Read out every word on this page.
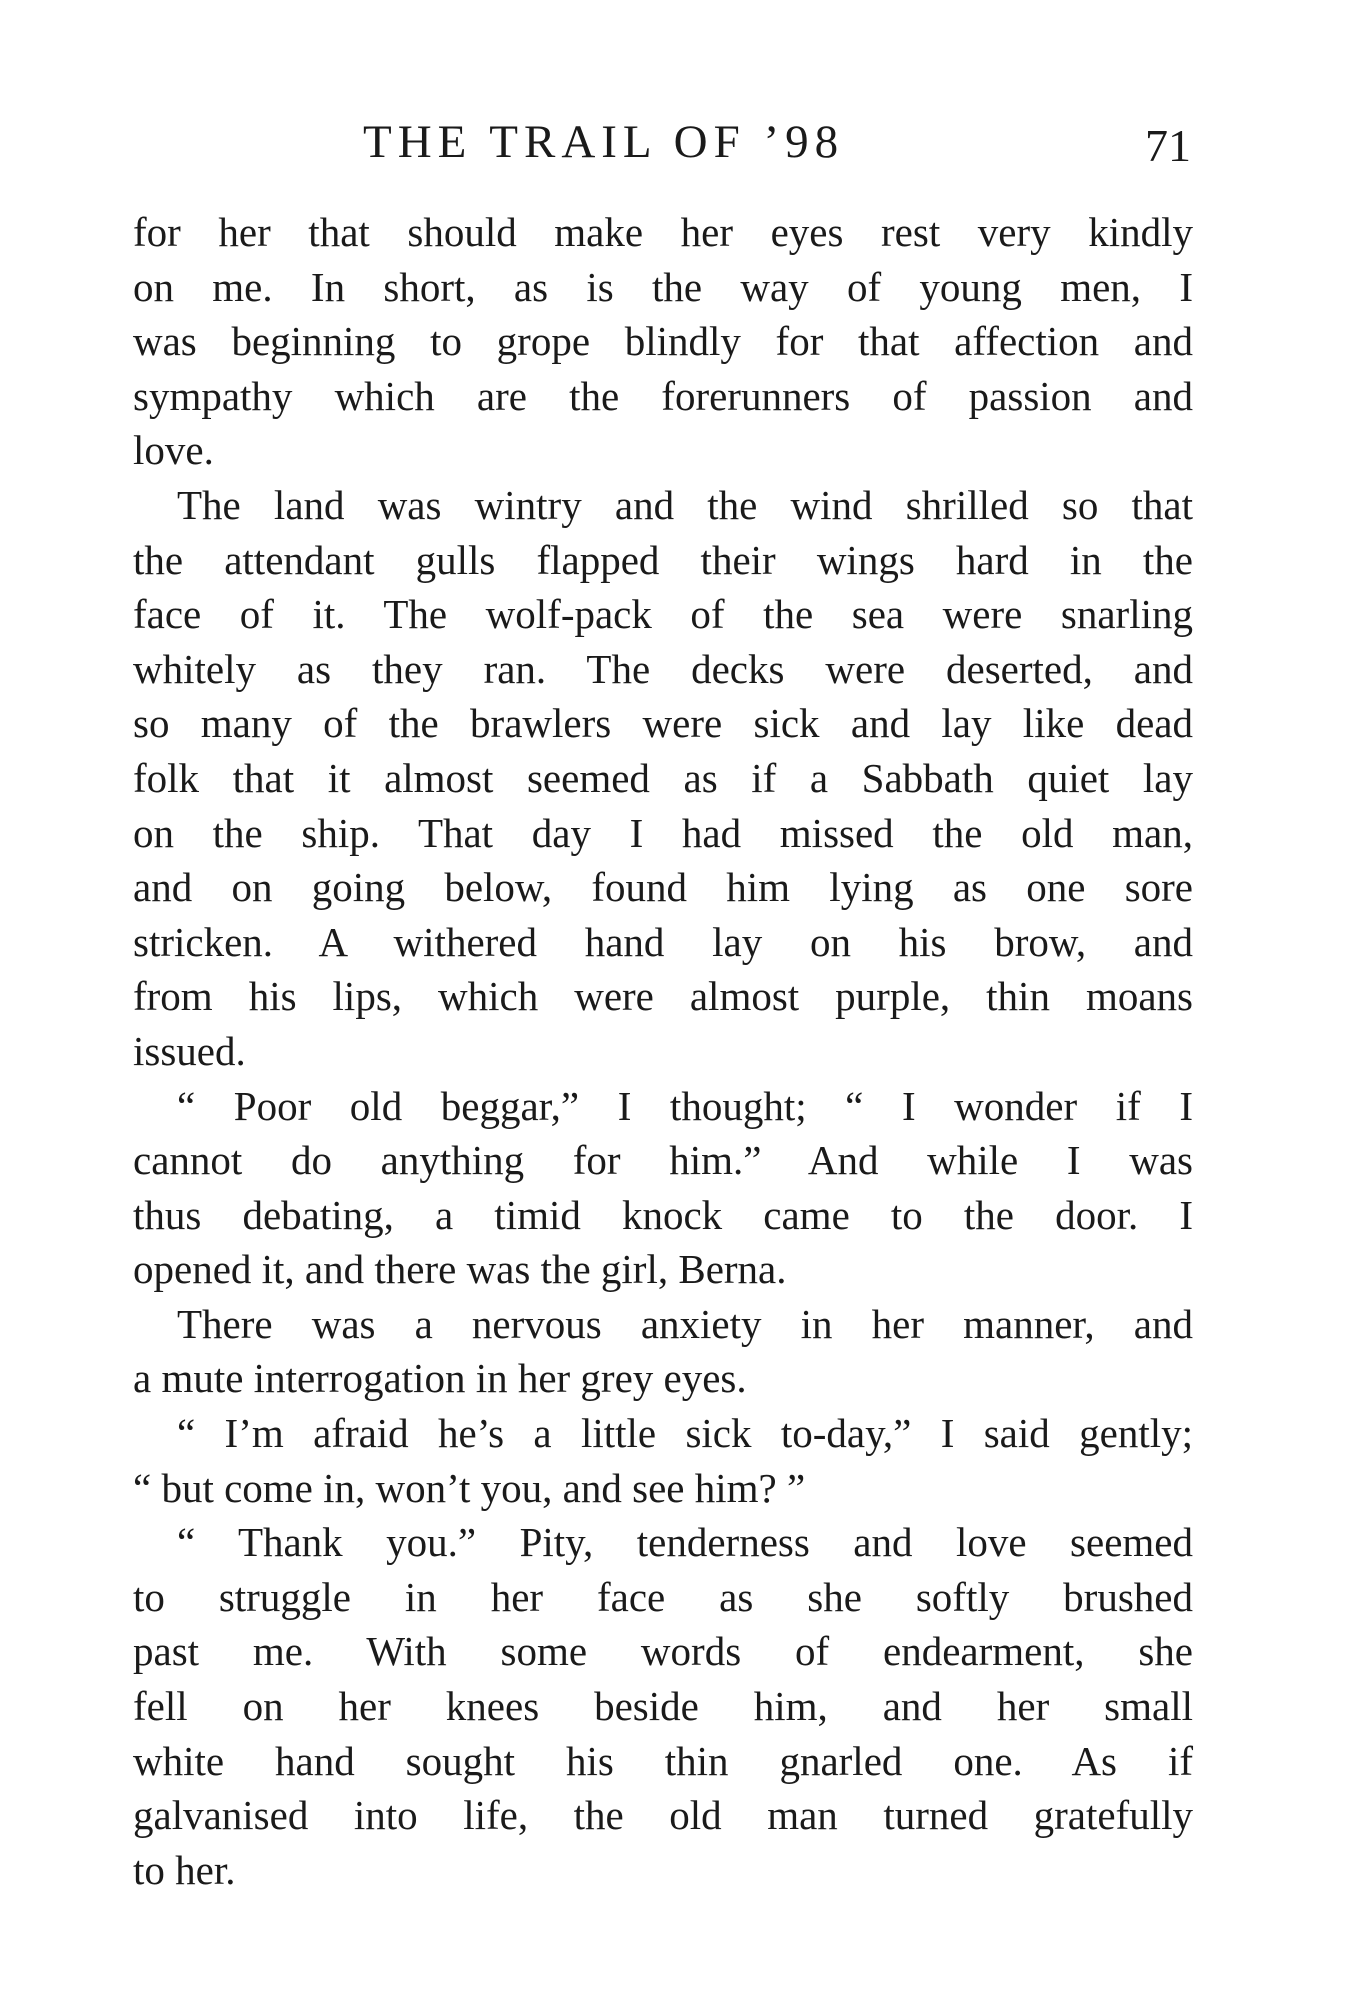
THE TRAIL OF ’98	71
for her that should make her eyes rest very kindly
on me. In short, as is the way of young men, I
was beginning to grope blindly for that affection and
sympathy which are the forerunners of passion and
love.
The land was wintry and the wind shrilled so that
the attendant gulls flapped their wings hard in the
face of it. The wolf-pack of the sea were snarling
whitely as they ran. The decks were deserted, and
so many of the brawlers were sick and lay like dead
folk that it almost seemed as if a Sabbath quiet lay
on the ship. That day I had missed the old man,
and on going below, found him lying as one sore
stricken. A withered hand lay on his brow, and
from his lips, which were almost purple, thin moans
issued.
“ Poor old beggar,” I thought; “ I wonder if I
cannot do anything for him.” And while I was
thus debating, a timid knock came to the door. I
opened it, and there was the girl, Berna.
There was a nervous anxiety in her manner, and
a mute interrogation in her grey eyes.
“ I’m afraid he’s a little sick to-day,” I said gently;
“ but come in, won’t you, and see him? ”
“ Thank you.” Pity, tenderness and love seemed
to struggle in her face as she softly brushed
past me. With some words of endearment, she
fell on her knees beside him, and her small
white hand sought his thin gnarled one. As if
galvanised into life, the old man turned gratefully
to her.
